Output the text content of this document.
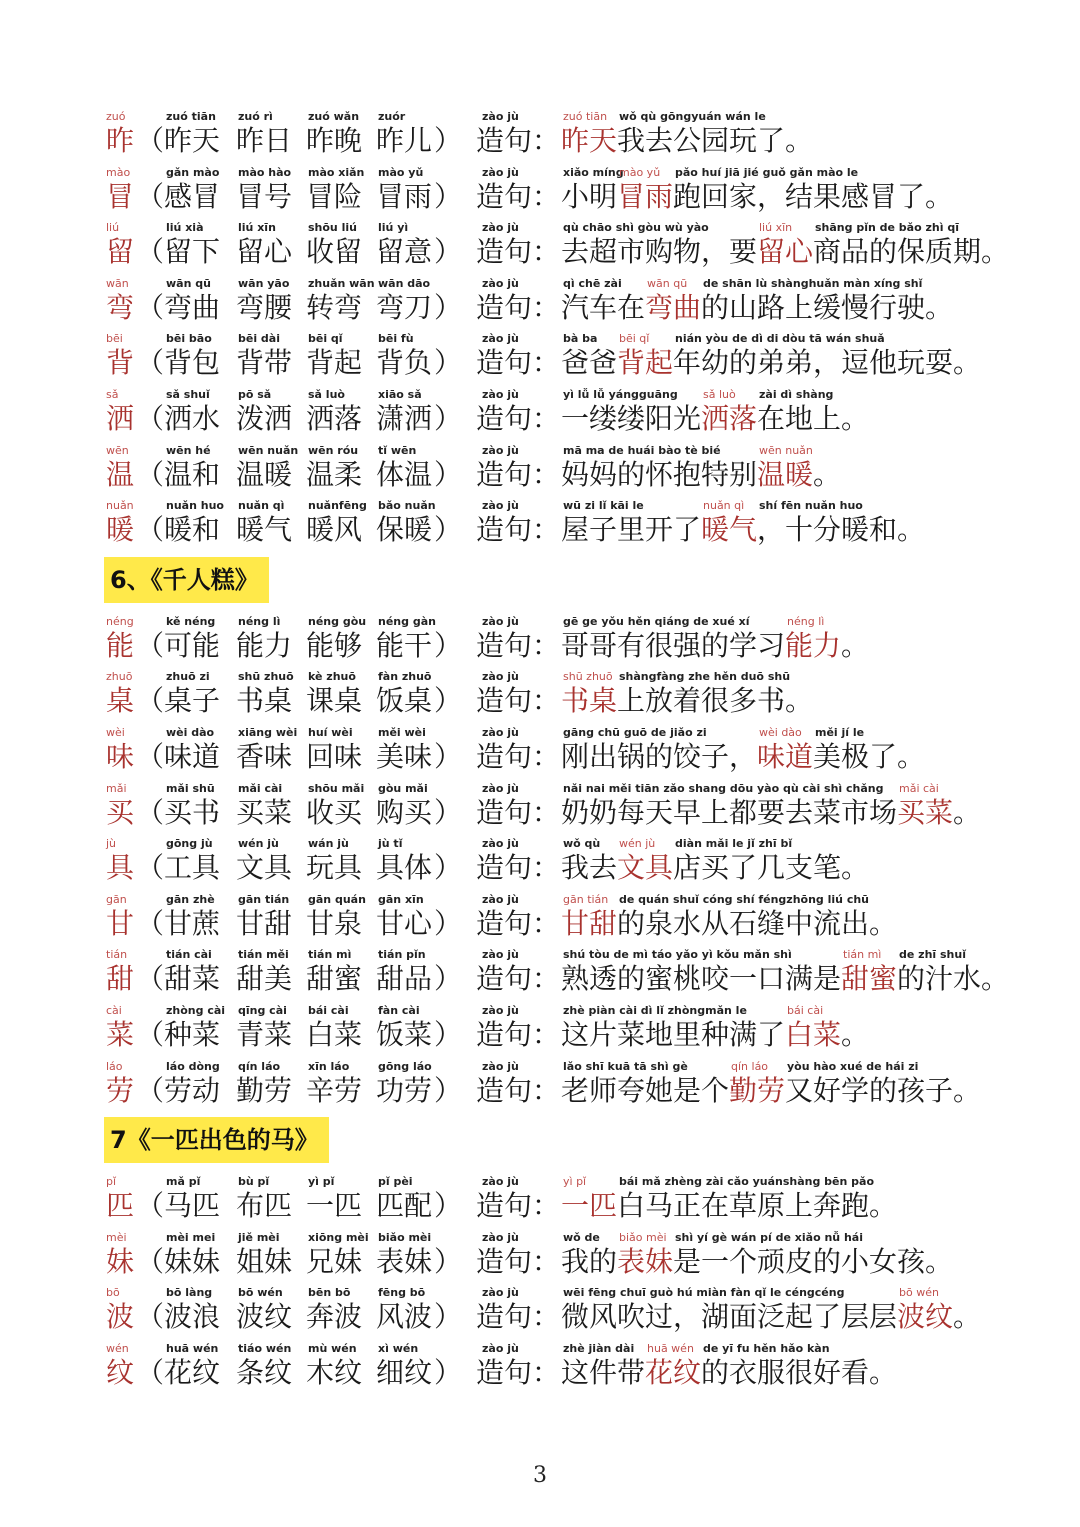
zuó
昨 （
zuó tiān
昨天
zuó rì
昨日
zuó wǎn
昨晚
zuór
昨儿 ）
zào jù
造句：
zuó tiān
昨天
wǒ qù gōngyuán wán le
我去公园玩了 。
mào
冒 （
gǎn mào
感冒
mào hào
冒号
mào xiǎn
冒险
mào yǔ
冒雨 ）
zào jù
造句：
xiǎo míng
小明
mào yǔ
冒雨
pǎo huí jiā jié guǒ gǎn mào le
跑回家，结果感冒了 。
liú
留 （
liú xià
留下
liú xīn
留心
shōu liú
收留
liú yì
留意 ）
zào jù
造句：
qù chāo shì gòu wù yào
去超市购物，要
liú xīn
留心
shāng pǐn de bǎo zhì qī
商品的保质期 。
wān
弯 （
wān qū
弯曲
wān yāo
弯腰
zhuǎn wān
转弯
wān dāo
弯刀 ）
zào jù
造句：
qì chē zài
汽车在
wān qū
弯曲
de shān lù shànghuǎn màn xíng shǐ
的山路上缓慢行驶 。
bēi
背 （
bēi bāo
背包
bēi dài
背带
bēi qǐ
背起
bēi fù
背负 ）
zào jù
造句：
bà ba
爸爸
bēi qǐ
背起
nián yòu de dì di dòu tā wán shuǎ
年幼的弟弟，逗他玩耍 。
sǎ
洒 （
sǎ shuǐ
洒水
pō sǎ
泼洒
sǎ luò
洒落
xiāo sǎ
潇洒 ）
zào jù
造句：
yì lǚ lǚ yángguāng
一缕缕阳光
sǎ luò
洒落
zài dì shàng
在地上 。
wēn
温 （
wēn hé
温和
wēn nuǎn
温暖
wēn róu
温柔
tǐ wēn
体温 ）
zào jù
造句：
mā ma de huái bào tè bié
妈妈的怀抱特别
wēn nuǎn
温暖 。
nuǎn
暖 （
nuǎn huo
暖和
nuǎn qì
暖气
nuǎnfēng
暖风
bǎo nuǎn
保暖 ）
zào jù
造句：
wū zi lǐ kāi le
屋子里开了
nuǎn qì
暖气
shí fēn nuǎn huo
，十分暖和 。
6、《千人糕》
néng
能 （
kě néng
可能
néng lì
能力
néng gòu
能够
néng gàn
能干 ）
zào jù
造句：
gē ge yǒu hěn qiáng de xué xí
哥哥有很强的学习
néng lì
能力 。
zhuō
桌 （
zhuō zi
桌子
shū zhuō
书桌
kè zhuō
课桌
fàn zhuō
饭桌 ）
zào jù
造句：
shū zhuō
书桌
shàngfàng zhe hěn duō shū
上放着很多书 。
wèi
味 （
wèi dào
味道
xiāng wèi
香味
huí wèi
回味
měi wèi
美味 ）
zào jù
造句：
gāng chū guō de jiǎo zi
刚出锅的饺子，
wèi dào
味道
měi jí le
美极了 。
mǎi
买 （
mǎi shū
买书
mǎi cài
买菜
shōu mǎi
收买
gòu mǎi
购买 ）
zào jù
造句：
nǎi nai měi tiān zǎo shang dōu yào qù cài shì chǎng
奶奶每天早上都要去菜市场
mǎi cài
买菜 。
jù
具 （
gōng jù
工具
wén jù
文具
wán jù
玩具
jù tǐ
具体 ）
zào jù
造句：
wǒ qù
我去
wén jù
文具
diàn mǎi le jǐ zhī bǐ
店买了几支笔 。
gān
甘 （
gān zhè
甘蔗
gān tián
甘甜
gān quán
甘泉
gān xīn
甘心 ）
zào jù
造句：
gān tián
甘甜
de quán shuǐ cóng shí féngzhōng liú chū
的泉水从石缝中流出 。
tián
甜 （
tián cài
甜菜
tián měi
甜美
tián mì
甜蜜
tián pǐn
甜品 ）
zào jù
造句：
shú tòu de mì táo yǎo yì kǒu mǎn shì
熟透的蜜桃咬一口满是
tián mì
甜蜜
de zhī shuǐ
的汁水 。
cài
菜 （
zhòng cài
种菜
qīng cài
青菜
bái cài
白菜
fàn cài
饭菜 ）
zào jù
造句：
zhè piàn cài dì lǐ zhòngmǎn le
这片菜地里种满了
bái cài
白菜 。
láo
劳 （
láo dòng
劳动
qín láo
勤劳
xīn láo
辛劳
gōng láo
功劳 ）
zào jù
造句：
lǎo shī kuā tā shì gè
老师夸她是个
qín láo
勤劳
yòu hào xué de hái zi
又好学的孩子 。
7《一匹出色的马》
pǐ
匹 （
mǎ pǐ
马匹
bù pǐ
布匹
yì pǐ
一匹
pǐ pèi
匹配 ）
zào jù
造句：
yì pǐ
一匹
bái mǎ zhèng zài cǎo yuánshàng bēn pǎo
白马正在草原上奔跑 。
mèi
妹 （
mèi mei
妹妹
jiě mèi
姐妹
xiōng mèi
兄妹
biǎo mèi
表妹 ）
zào jù
造句：
wǒ de
我的
biǎo mèi
表妹
shì yí gè wán pí de xiǎo nǚ hái
是一个顽皮的小女孩 。
bō
波 （
bō làng
波浪
bō wén
波纹
bēn bō
奔波
fēng bō
风波 ）
zào jù
造句：
wēi fēng chuī guò hú miàn fàn qǐ le céngcéng
微风吹过，湖面泛起了层层
bō wén
波纹 。
wén
纹 （
huā wén
花纹
tiáo wén
条纹
mù wén
木纹
xì wén
细纹 ）
zào jù
造句：
zhè jiàn dài
这件带
huā wén
花纹
de yī fu hěn hǎo kàn
的衣服很好看 。
3
